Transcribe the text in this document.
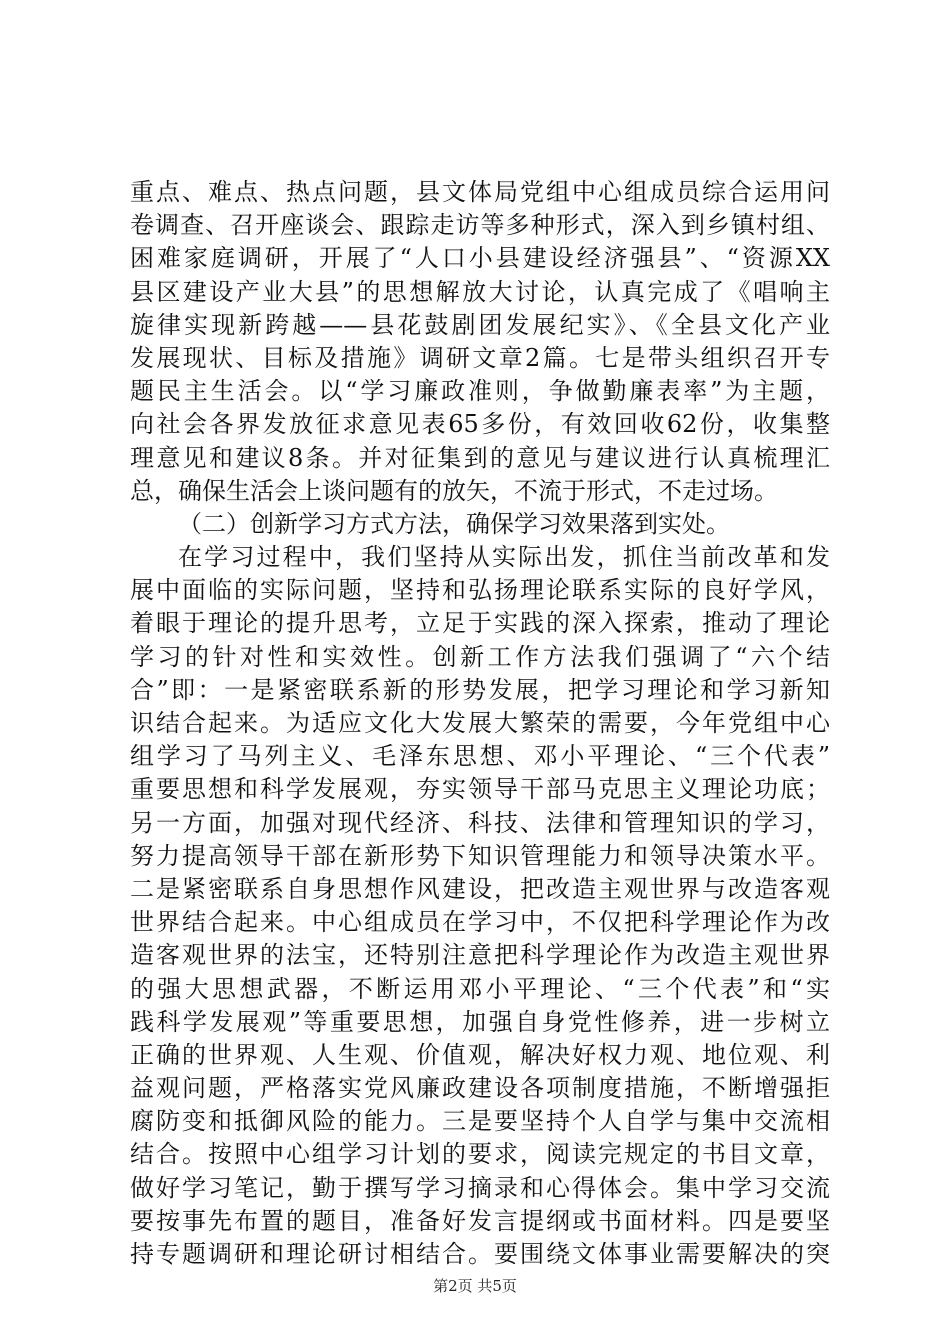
重点、难点、热点问题，县文体局党组中心组成员综合运用问
卷调查、召开座谈会、跟踪走访等多种形式，深入到乡镇村组、
困难家庭调研，开展了“人口小县建设经济强县”、“资源XX
县区建设产业大县”的思想解放大讨论，认真完成了《唱响主
旋律实现新跨越——县花鼓剧团发展纪实》、《全县文化产业
发展现状、目标及措施》调研文章2篇。七是带头组织召开专
题民主生活会。以“学习廉政准则，争做勤廉表率”为主题，
向社会各界发放征求意见表65多份，有效回收62份，收集整
理意见和建议8条。并对征集到的意见与建议进行认真梳理汇
总，确保生活会上谈问题有的放矢，不流于形式，不走过场。
（二）创新学习方式方法，确保学习效果落到实处。
在学习过程中，我们坚持从实际出发，抓住当前改革和发
展中面临的实际问题，坚持和弘扬理论联系实际的良好学风，
着眼于理论的提升思考，立足于实践的深入探索，推动了理论
学习的针对性和实效性。创新工作方法我们强调了“六个结
合”即：一是紧密联系新的形势发展，把学习理论和学习新知
识结合起来。为适应文化大发展大繁荣的需要，今年党组中心
组学习了马列主义、毛泽东思想、邓小平理论、“三个代表”
重要思想和科学发展观，夯实领导干部马克思主义理论功底；
另一方面，加强对现代经济、科技、法律和管理知识的学习，
努力提高领导干部在新形势下知识管理能力和领导决策水平。
二是紧密联系自身思想作风建设，把改造主观世界与改造客观
世界结合起来。中心组成员在学习中，不仅把科学理论作为改
造客观世界的法宝，还特别注意把科学理论作为改造主观世界
的强大思想武器，不断运用邓小平理论、“三个代表”和“实
践科学发展观”等重要思想，加强自身党性修养，进一步树立
正确的世界观、人生观、价值观，解决好权力观、地位观、利
益观问题，严格落实党风廉政建设各项制度措施，不断增强拒
腐防变和抵御风险的能力。三是要坚持个人自学与集中交流相
结合。按照中心组学习计划的要求，阅读完规定的书目文章，
做好学习笔记，勤于撰写学习摘录和心得体会。集中学习交流
要按事先布置的题目，准备好发言提纲或书面材料。四是要坚
持专题调研和理论研讨相结合。要围绕文体事业需要解决的突
第2页 共5页
